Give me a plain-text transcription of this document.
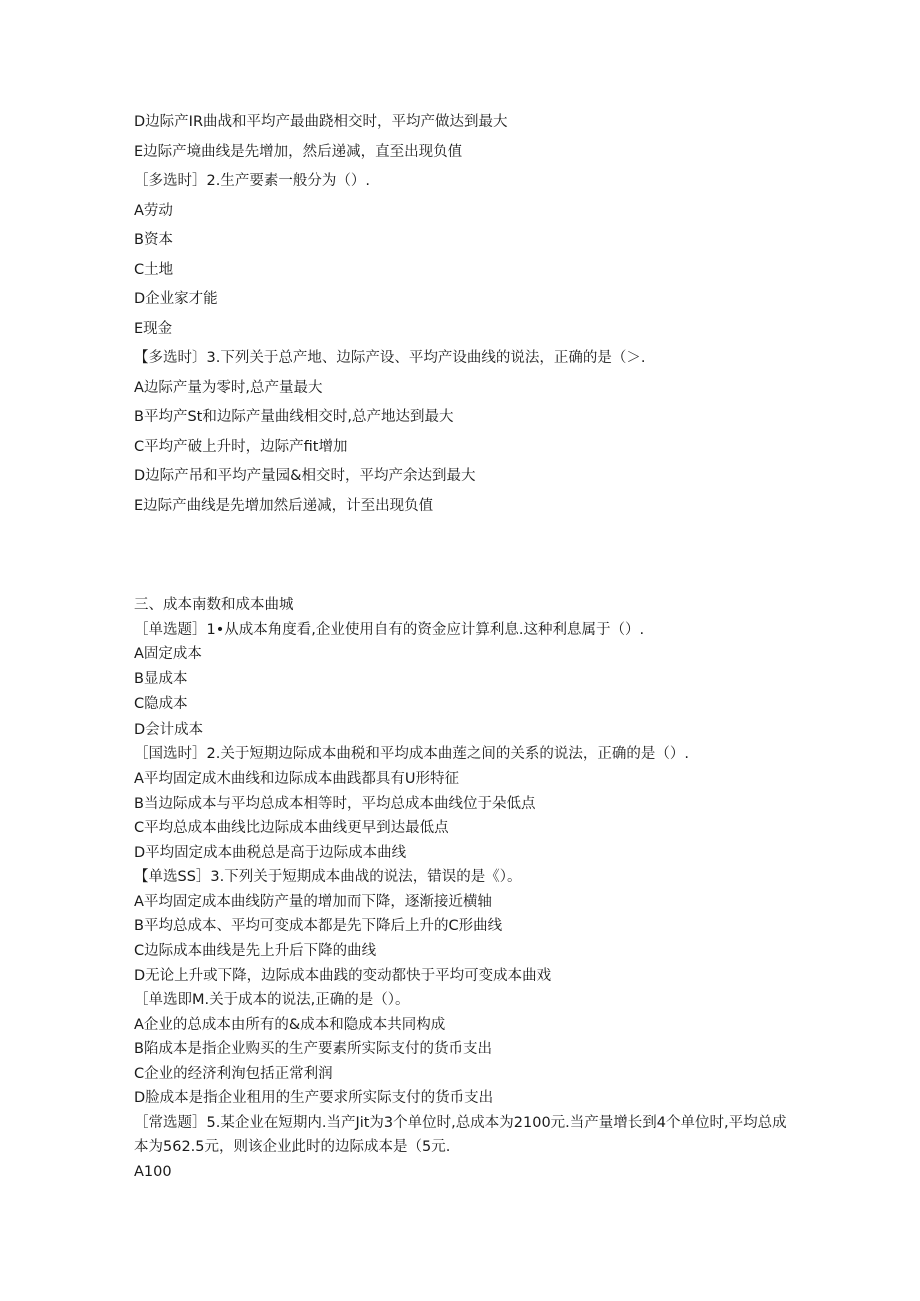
D边际产IR曲战和平均产最曲跷相交时，平均产做达到最大
E边际产境曲线是先增加，然后递减，直至出现负值
［多选时］2.生产要素一般分为（）.
A劳动
B资本
C土地
D企业家才能
E现金
【多选时〕3.下列关于总产地、边际产设、平均产设曲线的说法，正确的是（＞.
A边际产量为零时,总产量最大
B平均产St和边际产量曲线相交时,总产地达到最大
C平均产破上升时，边际产fit增加
D边际产吊和平均产量园&相交时，平均产余达到最大
E边际产曲线是先增加然后递减，计至出现负值
三、成本南数和成本曲城
［单选题］1•从成本角度看,企业使用自有的资金应计算利息.这种利息属于（）.
A固定成本
B显成本
C隐成本
D会计成本
［国选时］2.关于短期边际成本曲税和平均成本曲莲之间的关系的说法，正确的是（）.
A平均固定成木曲线和边际成本曲践都具有U形特征
B当边际成本与平均总成本相等时，平均总成本曲线位于朵低点
C平均总成本曲线比边际成本曲线更早到达最低点
D平均固定成本曲税总是高于边际成本曲线
【单选SS］3.下列关于短期成本曲战的说法，错误的是《）。
A平均固定成本曲线防产量的增加而下降，逐渐接近横轴
B平均总成本、平均可变成本都是先下降后上升的C形曲线
C边际成本曲线是先上升后下降的曲线
D无论上升或下降，边际成本曲践的变动都快于平均可变成本曲戏
［单选即M.关于成本的说法,正确的是（）。
A企业的总成本由所有的&成本和隐成本共同构成
B陷成本是指企业购买的生产要素所实际支付的货币支出
C企业的经济利洵包括正常利润
D脸成本是指企业租用的生产要求所实际支付的货币支出
［常选题］5.某企业在短期内.当产Jit为3个单位时,总成本为2100元.当产量增长到4个单位时,平均总成本为562.5元，则该企业此时的边际成本是（5元.
A100
